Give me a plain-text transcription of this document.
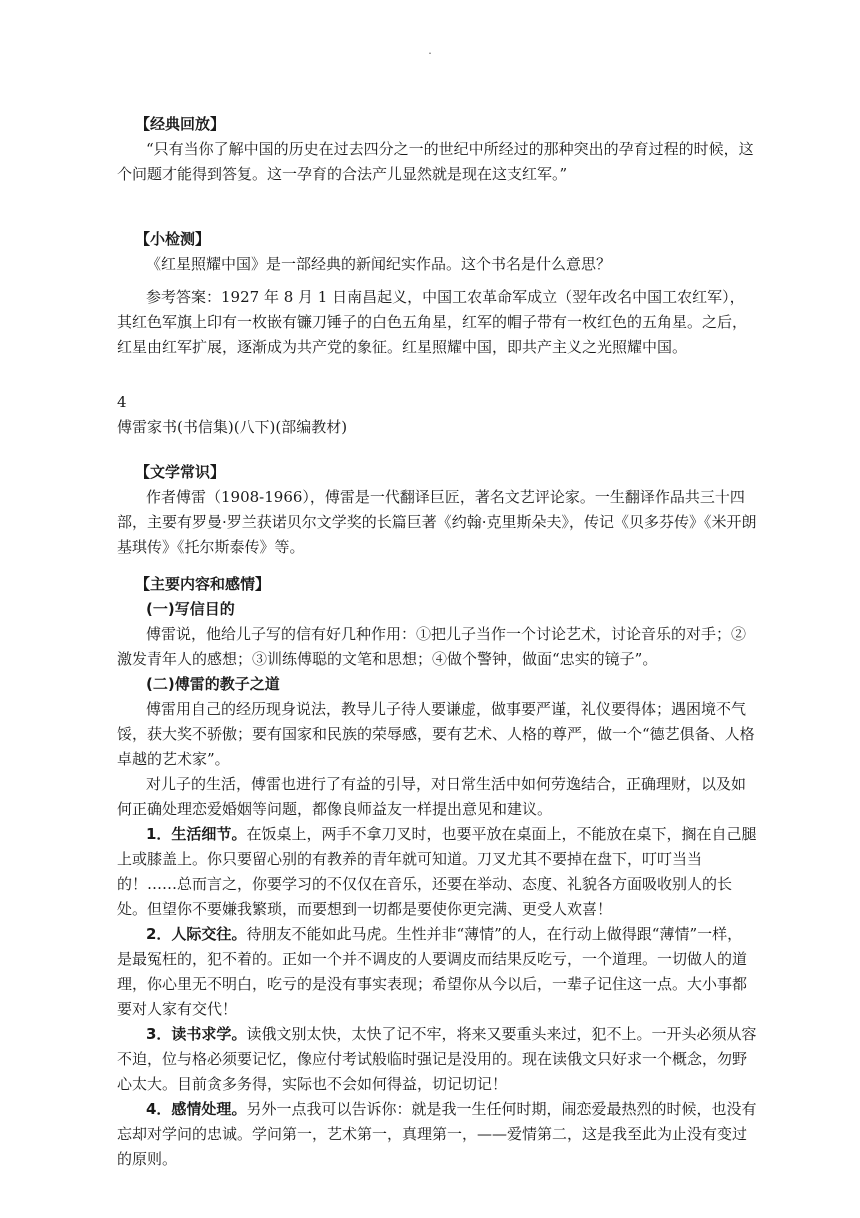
.

【经典回放】

“只有当你了解中国的历史在过去四分之一的世纪中所经过的那种突出的孕育过程的时候，这个问题才能得到答复。这一孕育的合法产儿显然就是现在这支红军。”

【小检测】

《红星照耀中国》是一部经典的新闻纪实作品。这个书名是什么意思？

参考答案：1927 年 8 月 1 日南昌起义，中国工农革命军成立（翌年改名中国工农红军），其红色军旗上印有一枚嵌有镰刀锤子的白色五角星，红军的帽子带有一枚红色的五角星。之后，红星由红军扩展，逐渐成为共产党的象征。红星照耀中国，即共产主义之光照耀中国。

4

傅雷家书(书信集)(八下)(部编教材)

【文学常识】

作者傅雷（1908-1966），傅雷是一代翻译巨匠，著名文艺评论家。一生翻译作品共三十四部，主要有罗曼·罗兰获诺贝尔文学奖的长篇巨著《约翰·克里斯朵夫》，传记《贝多芬传》《米开朗基琪传》《托尔斯泰传》等。

【主要内容和感情】

(一)写信目的

傅雷说，他给儿子写的信有好几种作用：①把儿子当作一个讨论艺术，讨论音乐的对手；②激发青年人的感想；③训练傅聪的文笔和思想；④做个警钟，做面“忠实的镜子”。

(二)傅雷的教子之道

傅雷用自己的经历现身说法，教导儿子待人要谦虚，做事要严谨，礼仪要得体；遇困境不气馁，获大奖不骄傲；要有国家和民族的荣辱感，要有艺术、人格的尊严，做一个“德艺俱备、人格卓越的艺术家”。

对儿子的生活，傅雷也进行了有益的引导，对日常生活中如何劳逸结合，正确理财，以及如何正确处理恋爱婚姻等问题，都像良师益友一样提出意见和建议。

1．生活细节。在饭桌上，两手不拿刀叉时，也要平放在桌面上，不能放在桌下，搁在自己腿上或膝盖上。你只要留心别的有教养的青年就可知道。刀叉尤其不要掉在盘下，叮叮当当的！……总而言之，你要学习的不仅仅在音乐，还要在举动、态度、礼貌各方面吸收别人的长处。但望你不要嫌我繁琐，而要想到一切都是要使你更完满、更受人欢喜！

2．人际交往。待朋友不能如此马虎。生性并非“薄情”的人，在行动上做得跟“薄情”一样，是最冤枉的，犯不着的。正如一个并不调皮的人要调皮而结果反吃亏，一个道理。一切做人的道理，你心里无不明白，吃亏的是没有事实表现；希望你从今以后，一辈子记住这一点。大小事都要对人家有交代！

3．读书求学。读俄文别太快，太快了记不牢，将来又要重头来过，犯不上。一开头必须从容不迫，位与格必须要记忆，像应付考试般临时强记是没用的。现在读俄文只好求一个概念，勿野心太大。目前贪多务得，实际也不会如何得益，切记切记！

4．感情处理。另外一点我可以告诉你：就是我一生任何时期，闹恋爱最热烈的时候，也没有忘却对学问的忠诚。学问第一，艺术第一，真理第一，——爱情第二，这是我至此为止没有变过的原则。
